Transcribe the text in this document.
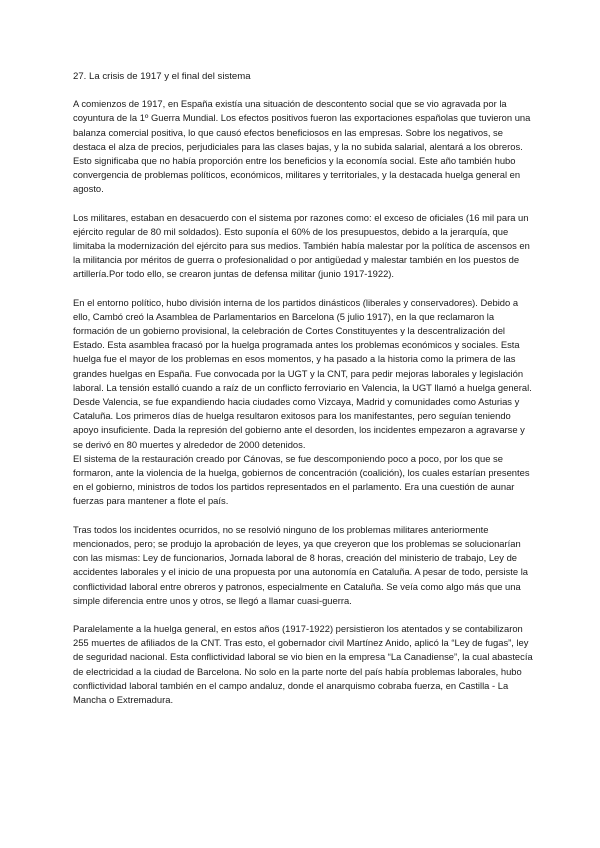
27. La crisis de 1917 y el final del sistema

A comienzos de 1917, en España existía una situación de descontento social que se vio agravada por la coyuntura de la 1º Guerra Mundial. Los efectos positivos fueron las exportaciones españolas que tuvieron una balanza comercial positiva, lo que causó efectos beneficiosos en las empresas. Sobre los negativos, se destaca el alza de precios, perjudiciales para las clases bajas, y la no subida salarial, alentará a los obreros. Esto significaba que no había proporción entre los beneficios y la economía social. Este año también hubo convergencia de problemas políticos, económicos, militares y territoriales, y la destacada huelga general en agosto.

Los militares, estaban en desacuerdo con el sistema por razones como: el exceso de oficiales (16 mil para un ejército regular de 80 mil soldados). Esto suponía el 60% de los presupuestos, debido a la jerarquía, que limitaba la modernización del ejército para sus medios. También había malestar por la política de ascensos en la militancia por méritos de guerra o profesionalidad o por antigüedad y malestar también en los puestos de artillería.Por todo ello, se crearon juntas de defensa militar (junio 1917-1922).

En el entorno político, hubo división interna de los partidos dinásticos (liberales y conservadores). Debido a ello, Cambó creó la Asamblea de Parlamentarios en Barcelona (5 julio 1917), en la que reclamaron la formación de un gobierno provisional, la celebración de Cortes Constituyentes y la descentralización del Estado. Esta asamblea fracasó por la huelga programada antes los problemas económicos y sociales. Esta huelga fue el mayor de los problemas en esos momentos, y ha pasado a la historia como la primera de las grandes huelgas en España. Fue convocada por la UGT y la CNT, para pedir mejoras laborales y legislación laboral. La tensión estalló cuando a raíz de un conflicto ferroviario en Valencia, la UGT llamó a huelga general. Desde Valencia, se fue expandiendo hacia ciudades como Vizcaya, Madrid y comunidades como Asturias y Cataluña. Los primeros días de huelga resultaron exitosos para los manifestantes, pero seguían teniendo apoyo insuficiente. Dada la represión del gobierno ante el desorden, los incidentes empezaron a agravarse y se derivó en 80 muertes y alrededor de 2000 detenidos.

El sistema de la restauración creado por Cánovas, se fue descomponiendo poco a poco, por los que se formaron, ante la violencia de la huelga, gobiernos de concentración (coalición), los cuales estarían presentes en el gobierno, ministros de todos los partidos representados en el parlamento. Era una cuestión de aunar fuerzas para mantener a flote el país.

Tras todos los incidentes ocurridos, no se resolvió ninguno de los problemas militares anteriormente mencionados, pero; se produjo la aprobación de leyes, ya que creyeron que los problemas se solucionarían con las mismas: Ley de funcionarios, Jornada laboral de 8 horas, creación del ministerio de trabajo, Ley de accidentes laborales y el inicio de una propuesta por una autonomía en Cataluña. A pesar de todo, persiste la conflictividad laboral entre obreros y patronos, especialmente en Cataluña. Se veía como algo más que una simple diferencia entre unos y otros, se llegó a llamar cuasi-guerra.

Paralelamente a la huelga general, en estos años (1917-1922) persistieron los atentados y se contabilizaron 255 muertes de afiliados de la CNT. Tras esto, el gobernador civil Martínez Anido, aplicó la “Ley de fugas”, ley de seguridad nacional. Esta conflictividad laboral se vio bien en la empresa “La Canadiense”, la cual abastecía de electricidad a la ciudad de Barcelona. No solo en la parte norte del país había problemas laborales, hubo conflictividad laboral también en el campo andaluz, donde el anarquismo cobraba fuerza, en Castilla - La Mancha o Extremadura.
